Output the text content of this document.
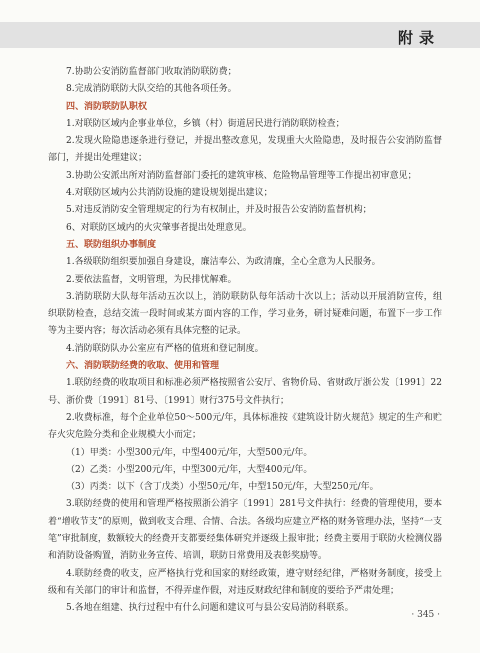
附录

7.协助公安消防监督部门收取消防联防费；

8.完成消防联防大队交给的其他各项任务。

四、消防联防队职权

1.对联防区域内企事业单位，乡镇（村）街道居民进行消防联防检查；

2.发现火险隐患逐条进行登记，并提出整改意见，发现重大火险隐患，及时报告公安消防监督部门，并提出处理建议；

3.协助公安派出所对消防监督部门委托的建筑审核、危险物品管理等工作提出初审意见；

4.对联防区域内公共消防设施的建设规划提出建议；

5.对违反消防安全管理规定的行为有权制止，并及时报告公安消防监督机构；

6、对联防区域内的火灾肇事者提出处理意见。

五、联防组织办事制度

1.各级联防组织要加强自身建设，廉洁奉公、为政清廉，全心全意为人民服务。

2.要依法监督，文明管理，为民排忧解难。

3.消防联防大队每年活动五次以上，消防联防队每年活动十次以上；活动以开展消防宣传，组织联防检查，总结交流一段时间或某方面内容的工作，学习业务，研讨疑难问题，布置下一步工作等为主要内容；每次活动必须有具体完整的记录。

4.消防联防队办公室应有严格的值班和登记制度。

六、消防联防经费的收取、使用和管理

1.联防经费的收取项目和标准必须严格按照省公安厅、省物价局、省财政厅浙公发〔1991〕22号、浙价费〔1991〕81号、〔1991〕财行375号文件执行；

2.收费标准，每个企业单位50～500元/年，具体标准按《建筑设计防火规范》规定的生产和贮存火灾危险分类和企业规模大小而定；

（1）甲类：小型300元/年，中型400元/年，大型500元/年。

（2）乙类：小型200元/年，中型300元/年，大型400元/年。

（3）丙类：以下（含丁戊类）小型50元/年，中型150元/年，大型250元/年。

3.联防经费的使用和管理严格按照浙公消字〔1991〕281号文件执行：经费的管理使用，要本着“增收节支”的原则，做到收支合理、合情、合法。各级均应建立严格的财务管理办法，坚持“一支笔”审批制度，数额较大的经费开支都要经集体研究并逐级上报审批；经费主要用于联防火检测仪器和消防设备购置，消防业务宣传、培训，联防日常费用及表彰奖励等。

4.联防经费的收支，应严格执行党和国家的财经政策，遵守财经纪律，严格财务制度，接受上级和有关部门的审计和监督，不得弄虚作假，对违反财政纪律和制度的要给予严肃处理；

5.各地在组建、执行过程中有什么问题和建议可与县公安局消防科联系。

· 345 ·
